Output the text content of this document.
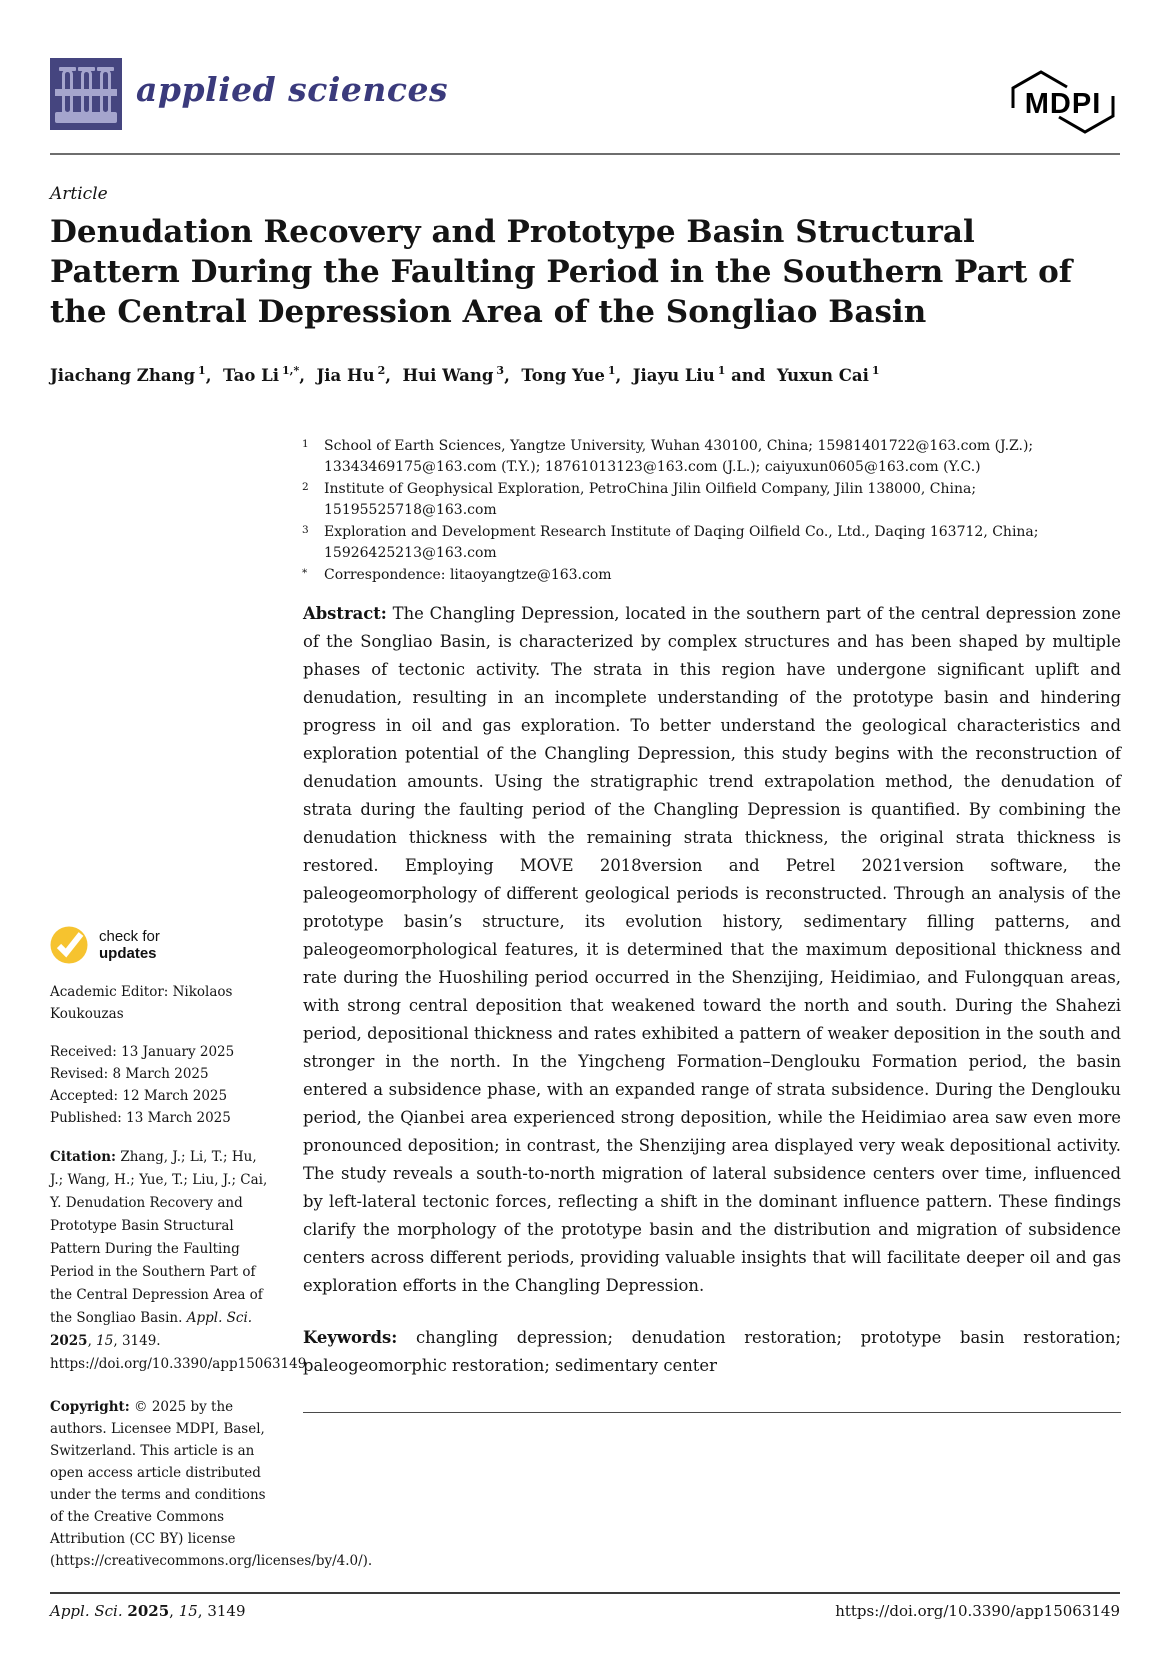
applied sciences	MDPI
Article
Denudation Recovery and Prototype Basin Structural Pattern During the Faulting Period in the Southern Part of the Central Depression Area of the Songliao Basin
Jiachang Zhang $^1$,  Tao Li $^{1,*}$,  Jia Hu $^2$,  Hui Wang $^3$,  Tong Yue $^1$,  Jiayu Liu $^1$ and  Yuxun Cai $^1$
1	School of Earth Sciences, Yangtze University, Wuhan 430100, China; 15981401722@163.com (J.Z.); 13343469175@163.com (T.Y.); 18761013123@163.com (J.L.); caiyuxun0605@163.com (Y.C.)
2	Institute of Geophysical Exploration, PetroChina Jilin Oilfield Company, Jilin 138000, China; 15195525718@163.com
3	Exploration and Development Research Institute of Daqing Oilfield Co., Ltd., Daqing 163712, China; 15926425213@163.com
*	Correspondence: litaoyangtze@163.com

Abstract: The Changling Depression, located in the southern part of the central depression zone of the Songliao Basin, is characterized by complex structures and has been shaped by multiple phases of tectonic activity. The strata in this region have undergone significant uplift and denudation, resulting in an incomplete understanding of the prototype basin and hindering progress in oil and gas exploration. To better understand the geological characteristics and exploration potential of the Changling Depression, this study begins with the reconstruction of denudation amounts. Using the stratigraphic trend extrapolation method, the denudation of strata during the faulting period of the Changling Depression is quantified. By combining the denudation thickness with the remaining strata thickness, the original strata thickness is restored. Employing MOVE 2018version and Petrel 2021version software, the paleogeomorphology of different geological periods is reconstructed. Through an analysis of the prototype basin’s structure, its evolution history, sedimentary filling patterns, and paleogeomorphological features, it is determined that the maximum depositional thickness and rate during the Huoshiling period occurred in the Shenzijing, Heidimiao, and Fulongquan areas, with strong central deposition that weakened toward the north and south. During the Shahezi period, depositional thickness and rates exhibited a pattern of weaker deposition in the south and stronger in the north. In the Yingcheng Formation–Denglouku Formation period, the basin entered a subsidence phase, with an expanded range of strata subsidence. During the Denglouku period, the Qianbei area experienced strong deposition, while the Heidimiao area saw even more pronounced deposition; in contrast, the Shenzijing area displayed very weak depositional activity. The study reveals a south-to-north migration of lateral subsidence centers over time, influenced by left-lateral tectonic forces, reflecting a shift in the dominant influence pattern. These findings clarify the morphology of the prototype basin and the distribution and migration of subsidence centers across different periods, providing valuable insights that will facilitate deeper oil and gas exploration efforts in the Changling Depression.

Keywords: changling depression; denudation restoration; prototype basin restoration; paleogeomorphic restoration; sedimentary center

check for
updates
Academic Editor: Nikolaos Koukouzas
Received: 13 January 2025
Revised: 8 March 2025
Accepted: 12 March 2025
Published: 13 March 2025

Citation: Zhang, J.; Li, T.; Hu, J.; Wang, H.; Yue, T.; Liu, J.; Cai, Y. Denudation Recovery and Prototype Basin Structural Pattern During the Faulting Period in the Southern Part of the Central Depression Area of the Songliao Basin. Appl. Sci. 2025, 15, 3149. https://doi.org/10.3390/app15063149

Copyright: © 2025 by the authors. Licensee MDPI, Basel, Switzerland. This article is an open access article distributed under the terms and conditions of the Creative Commons Attribution (CC BY) license (https://creativecommons.org/licenses/by/4.0/).

Appl. Sci. 2025, 15, 3149	https://doi.org/10.3390/app15063149
